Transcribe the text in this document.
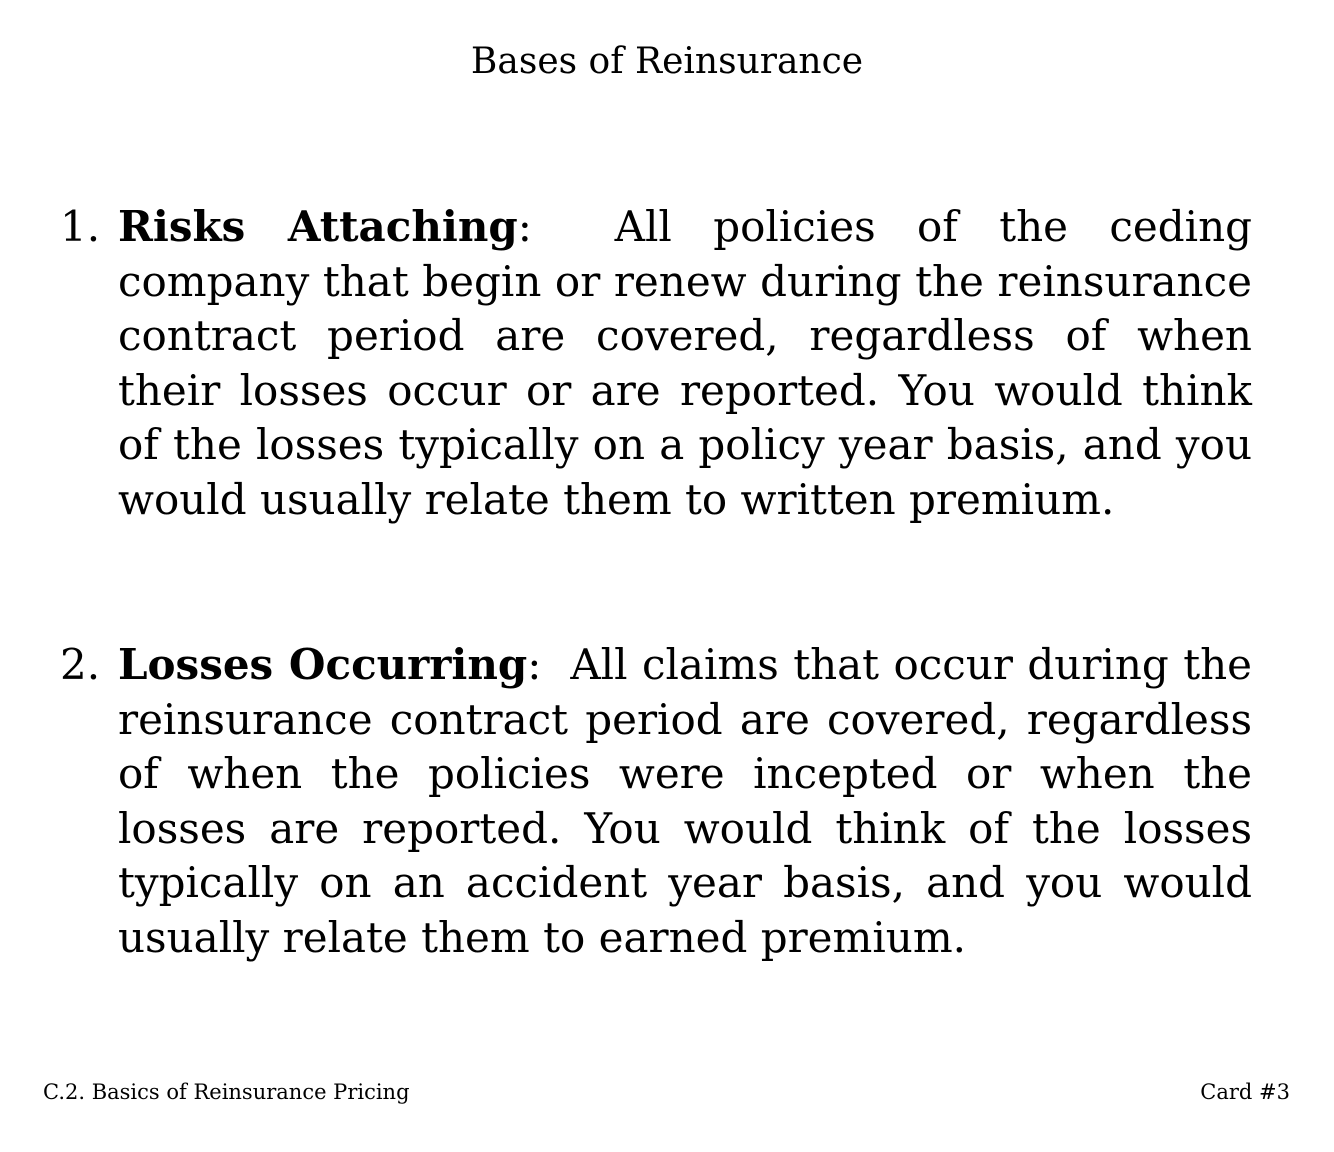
Bases of Reinsurance
1. Risks Attaching: All policies of the ceding company that begin or renew during the reinsurance contract period are covered, regardless of when their losses occur or are reported. You would think of the losses typically on a policy year basis, and you would usually relate them to written premium.
2. Losses Occurring: All claims that occur during the reinsurance contract period are covered, regardless of when the policies were incepted or when the losses are reported. You would think of the losses typically on an accident year basis, and you would usually relate them to earned premium.
C.2. Basics of Reinsurance Pricing	Card #3
